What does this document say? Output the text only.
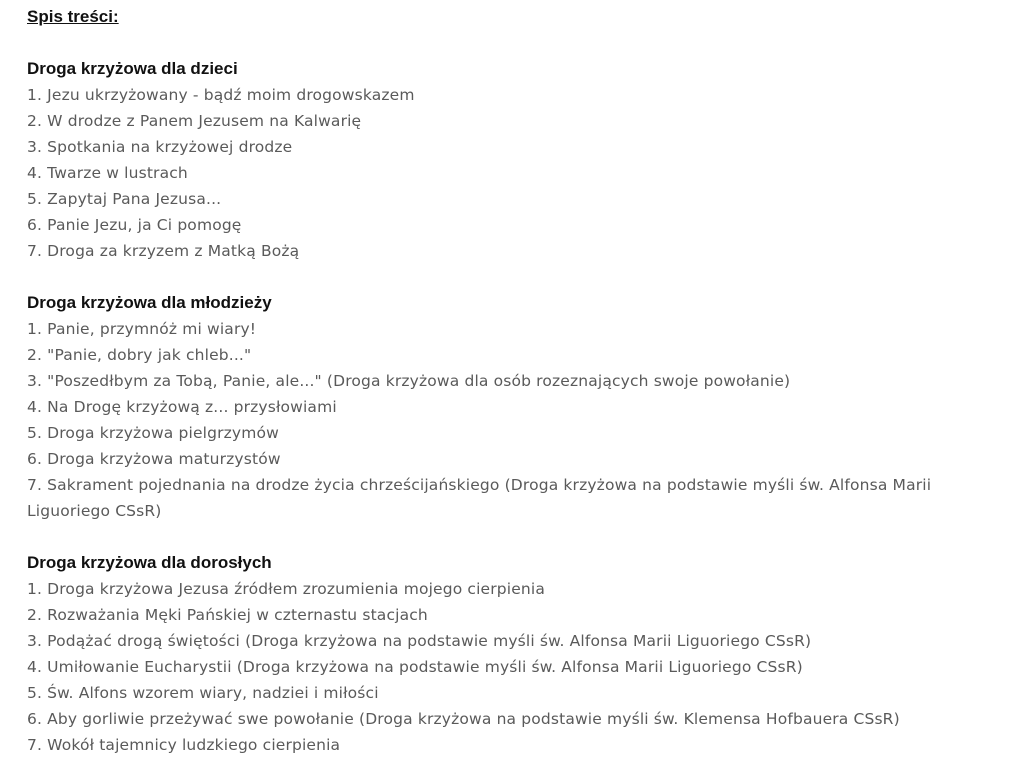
Spis treści:
Droga krzyżowa dla dzieci
1. Jezu ukrzyżowany - bądź moim drogowskazem
2. W drodze z Panem Jezusem na Kalwarię
3. Spotkania na krzyżowej drodze
4. Twarze w lustrach
5. Zapytaj Pana Jezusa...
6. Panie Jezu, ja Ci pomogę
7. Droga za krzyzem z Matką Bożą
Droga krzyżowa dla młodzieży
1. Panie, przymnóż mi wiary!
2. "Panie, dobry jak chleb..."
3. "Poszedłbym za Tobą, Panie, ale..." (Droga krzyżowa dla osób rozeznających swoje powołanie)
4. Na Drogę krzyżową z... przysłowiami
5. Droga krzyżowa pielgrzymów
6. Droga krzyżowa maturzystów
7. Sakrament pojednania na drodze życia chrześcijańskiego (Droga krzyżowa na podstawie myśli św. Alfonsa Marii Liguoriego CSsR)
Droga krzyżowa dla dorosłych
1. Droga krzyżowa Jezusa źródłem zrozumienia mojego cierpienia
2. Rozważania Męki Pańskiej w czternastu stacjach
3. Podążać drogą świętości (Droga krzyżowa na podstawie myśli św. Alfonsa Marii Liguoriego CSsR)
4. Umiłowanie Eucharystii (Droga krzyżowa na podstawie myśli św. Alfonsa Marii Liguoriego CSsR)
5. Św. Alfons wzorem wiary, nadziei i miłości
6. Aby gorliwie przeżywać swe powołanie (Droga krzyżowa na podstawie myśli św. Klemensa Hofbauera CSsR)
7. Wokół tajemnicy ludzkiego cierpienia
